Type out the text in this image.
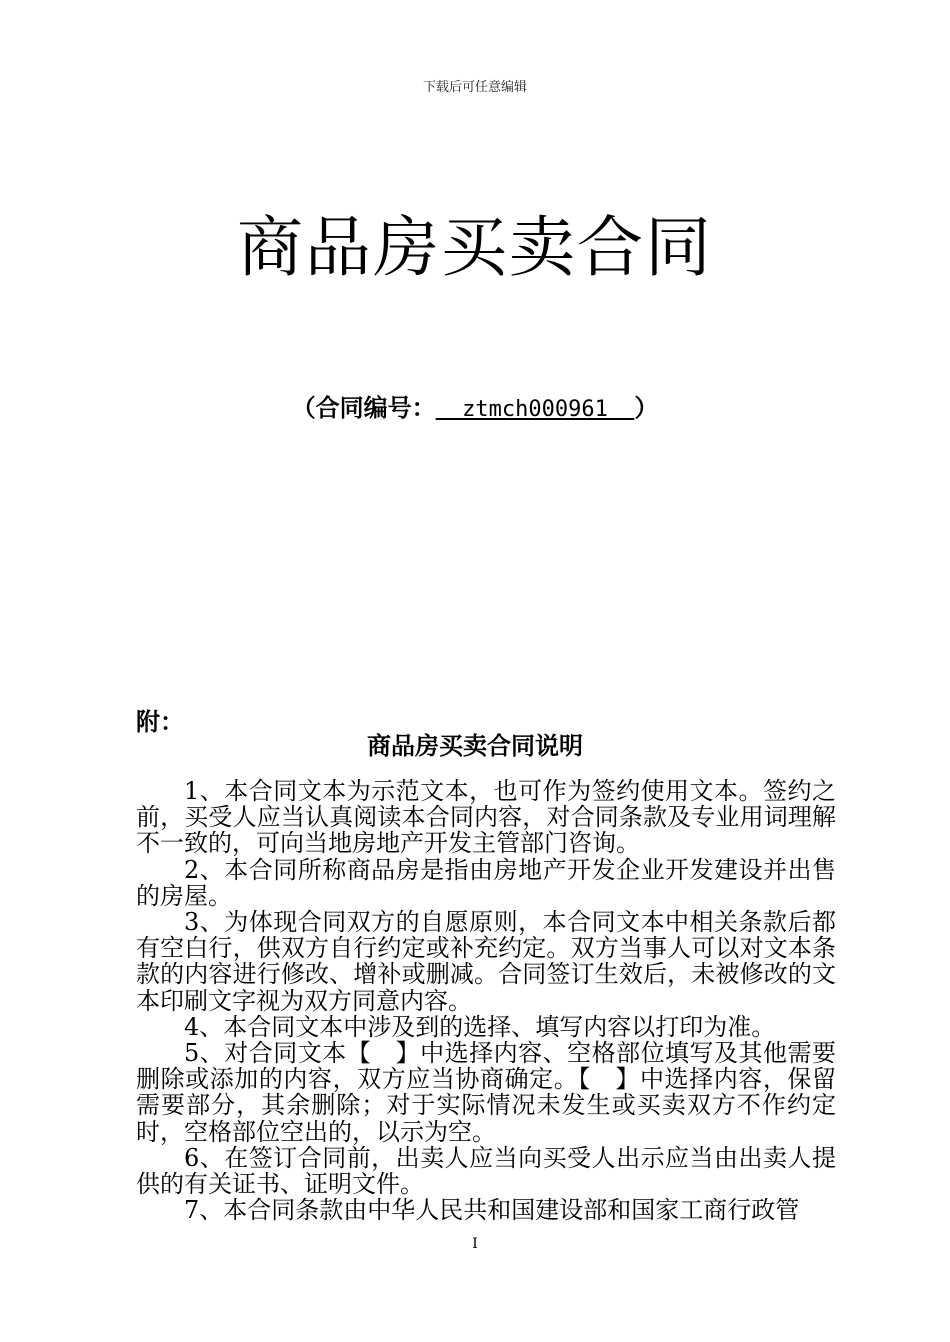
下载后可任意编辑
商品房买卖合同
（合同编号：  ztmch000961  ）
附：
商品房买卖合同说明

1、本合同文本为示范文本，也可作为签约使用文本。签约之前，买受人应当认真阅读本合同内容，对合同条款及专业用词理解不一致的，可向当地房地产开发主管部门咨询。

2、本合同所称商品房是指由房地产开发企业开发建设并出售的房屋。

3、为体现合同双方的自愿原则，本合同文本中相关条款后都有空白行，供双方自行约定或补充约定。双方当事人可以对文本条款的内容进行修改、增补或删减。合同签订生效后，未被修改的文本印刷文字视为双方同意内容。

4、本合同文本中涉及到的选择、填写内容以打印为准。

5、对合同文本【　】中选择内容、空格部位填写及其他需要删除或添加的内容，双方应当协商确定。【　】中选择内容，保留需要部分，其余删除；对于实际情况未发生或买卖双方不作约定时，空格部位空出的，以示为空。

6、在签订合同前，出卖人应当向买受人出示应当由出卖人提供的有关证书、证明文件。

7、本合同条款由中华人民共和国建设部和国家工商行政管

I
